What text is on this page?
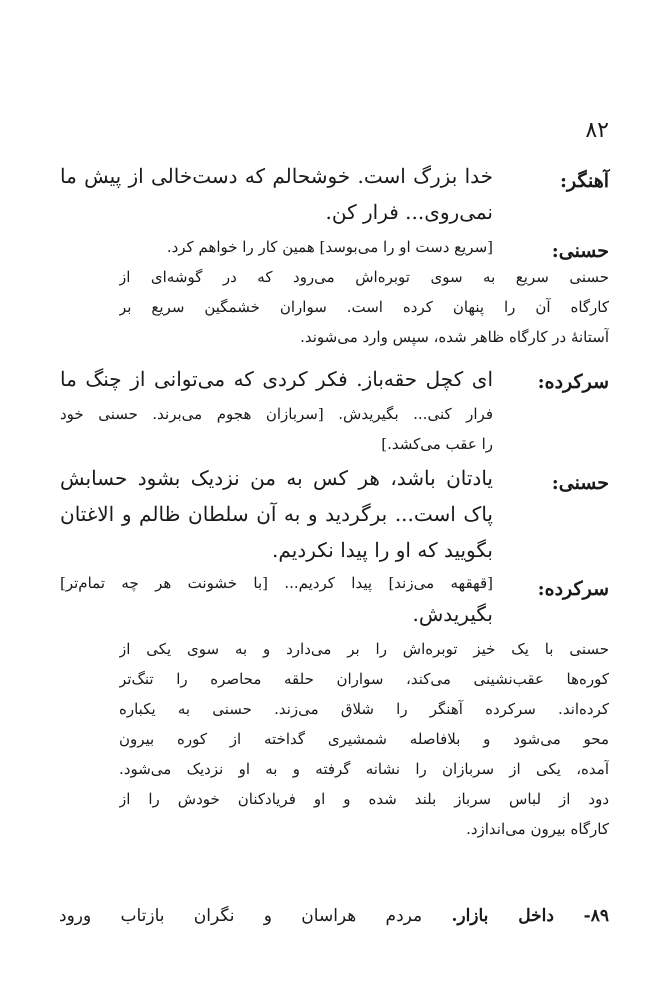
۸۲
آهنگر:
خدا بزرگ است. خوشحالم که دست‌خالی از پیش ما
نمی‌روی... فرار کن.
حسنی:
[سریع دست او را می‌بوسد] همین کار را خواهم کرد.
حسنی سریع به سوی توبره‌اش می‌رود که در گوشه‌ای از
کارگاه آن را پنهان کرده است. سواران خشمگین سریع بر
آستانهٔ درِ کارگاه ظاهر شده، سپس وارد می‌شوند.
سرکرده:
ای کچل حقه‌باز. فکر کردی که می‌توانی از چنگ ما
فرار کنی... بگیریدش. [سربازان هجوم می‌برند. حسنی خود
را عقب می‌کشد.]
حسنی:
یادتان باشد، هر کس به من نزدیک بشود حسابش
پاک است... برگردید و به آن سلطان ظالم و الاغتان
بگویید که او را پیدا نکردیم.
سرکرده:
[قهقهه می‌زند] پیدا کردیم... [با خشونت هر چه تمام‌تر]
بگیریدش.
حسنی با یک خیز توبره‌اش را بر می‌دارد و به سوی یکی از
کوره‌ها عقب‌نشینی می‌کند، سواران حلقه محاصره را تنگ‌تر
کرده‌اند. سرکرده آهنگر را شلاق می‌زند. حسنی به یکباره
محو می‌شود و بلافاصله شمشیری گداخته از کوره بیرون
آمده، یکی از سربازان را نشانه گرفته و به او نزدیک می‌شود.
دود از لباس سرباز بلند شده و او فریادکنان خودش را از
کارگاه بیرون می‌اندازد.
۸۹- داخل بازار. مردم هراسان و نگران بازتاب ورود
